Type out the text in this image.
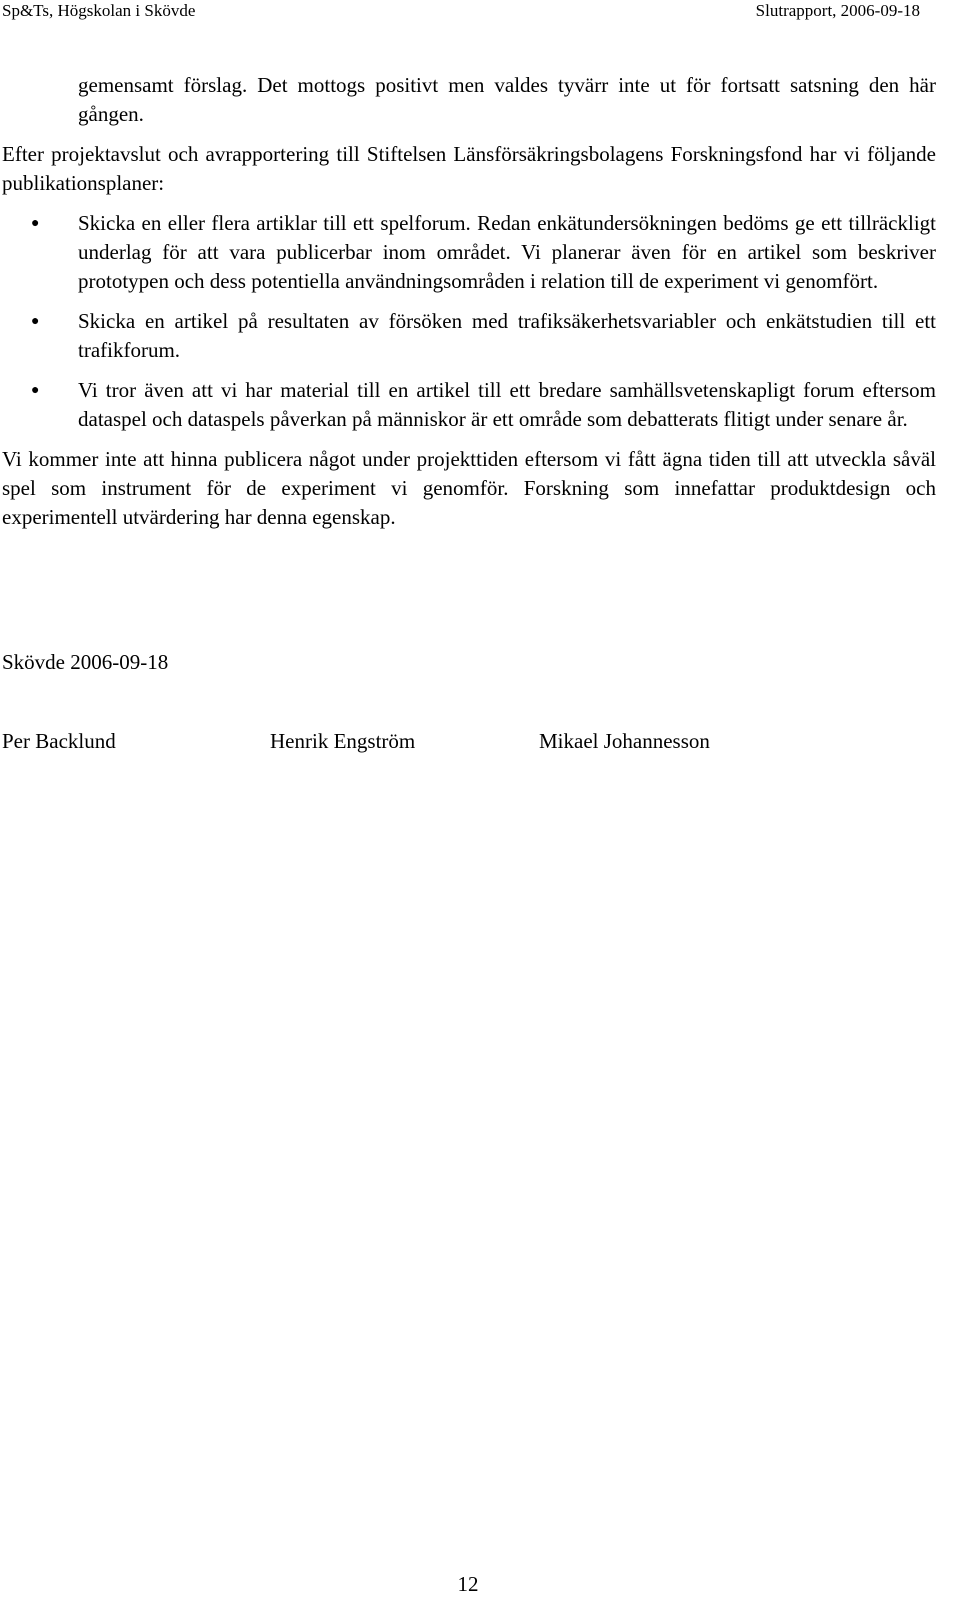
Sp&Ts, Högskolan i Skövde	Slutrapport, 2006-09-18
gemensamt förslag. Det mottogs positivt men valdes tyvärr inte ut för fortsatt satsning den här gången.
Efter projektavslut och avrapportering till Stiftelsen Länsförsäkringsbolagens Forskningsfond har vi följande publikationsplaner:
● Skicka en eller flera artiklar till ett spelforum. Redan enkätundersökningen bedöms ge ett tillräckligt underlag för att vara publicerbar inom området. Vi planerar även för en artikel som beskriver prototypen och dess potentiella användningsområden i relation till de experiment vi genomfört.
● Skicka en artikel på resultaten av försöken med trafiksäkerhetsvariabler och enkätstudien till ett trafikforum.
● Vi tror även att vi har material till en artikel till ett bredare samhällsvetenskapligt forum eftersom dataspel och dataspels påverkan på människor är ett område som debatterats flitigt under senare år.
Vi kommer inte att hinna publicera något under projekttiden eftersom vi fått ägna tiden till att utveckla såväl spel som instrument för de experiment vi genomför. Forskning som innefattar produktdesign och experimentell utvärdering har denna egenskap.
Skövde 2006-09-18
Per Backlund	Henrik Engström	Mikael Johannesson
12
